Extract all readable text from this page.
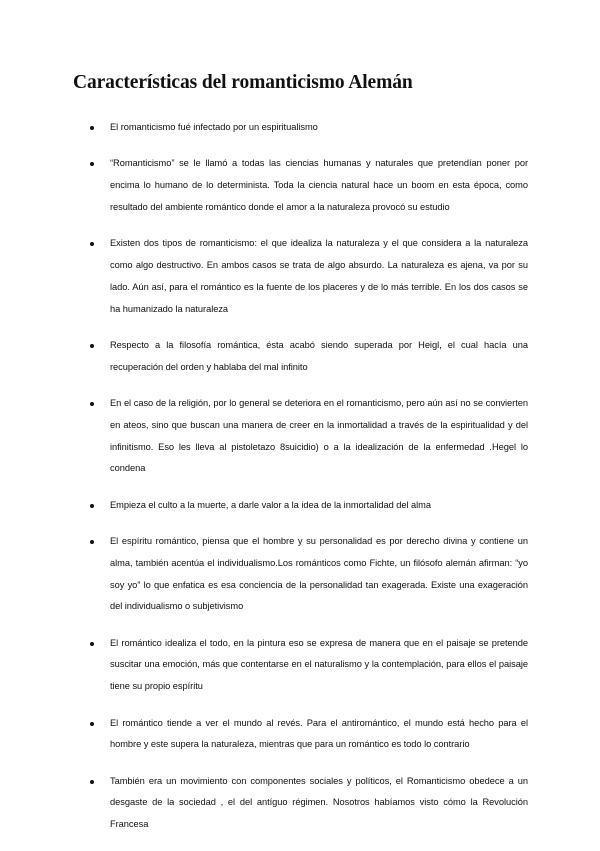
Características del romanticismo Alemán
El romanticismo fué infectado por un espiritualismo
“Romanticismo” se le llamó a todas las ciencias humanas y naturales que pretendían poner por encima lo humano de lo determinista. Toda la ciencia natural hace un boom en esta época, como resultado del ambiente romántico donde el amor a la naturaleza provocó su estudio
Existen dos tipos de romanticismo: el que idealiza la naturaleza y el que considera a la naturaleza como algo destructivo. En ambos casos se trata de algo absurdo. La naturaleza es ajena, va por su lado. Aún así, para el romántico es la fuente de los placeres y de lo más terrible. En los dos casos se ha humanizado la naturaleza
Respecto a la filosofía romántica, ésta acabó siendo superada por Heigl, el cual hacía una recuperación del orden y hablaba del mal infinito
En el caso de la religión, por lo general se deteriora en el romanticismo, pero aún así no se convierten en ateos, sino que buscan una manera de creer en la inmortalidad a través de la espiritualidad y del infinitismo. Eso les lleva al pistoletazo 8suicidio) o a la idealización de la enfermedad .Hegel lo condena
Empieza el culto a la muerte, a darle valor a la idea de la inmortalidad del alma
El espíritu romántico, piensa que el hombre y su personalidad es por derecho divina y contiene un alma, también acentúa el individualismo.Los románticos como Fichte, un filósofo alemán afirman: “yo soy yo” lo que enfatica es esa conciencia de la personalidad tan exagerada. Existe una exageración del individualismo o subjetivismo
El romántico idealiza el todo, en la pintura eso se expresa de manera que en el paisaje se pretende suscitar una emoción, más que contentarse en el naturalismo y la contemplación, para ellos el paisaje tiene su propio espíritu
El romántico tiende a ver el mundo al revés. Para el antiromántico, el mundo está hecho para el hombre y este supera la naturaleza, mientras que para un romántico es todo lo contrario
También era un movimiento con componentes sociales y políticos, el Romanticismo obedece a un desgaste de la sociedad , el del antíguo régimen. Nosotros habíamos visto cómo la Revolución Francesa
